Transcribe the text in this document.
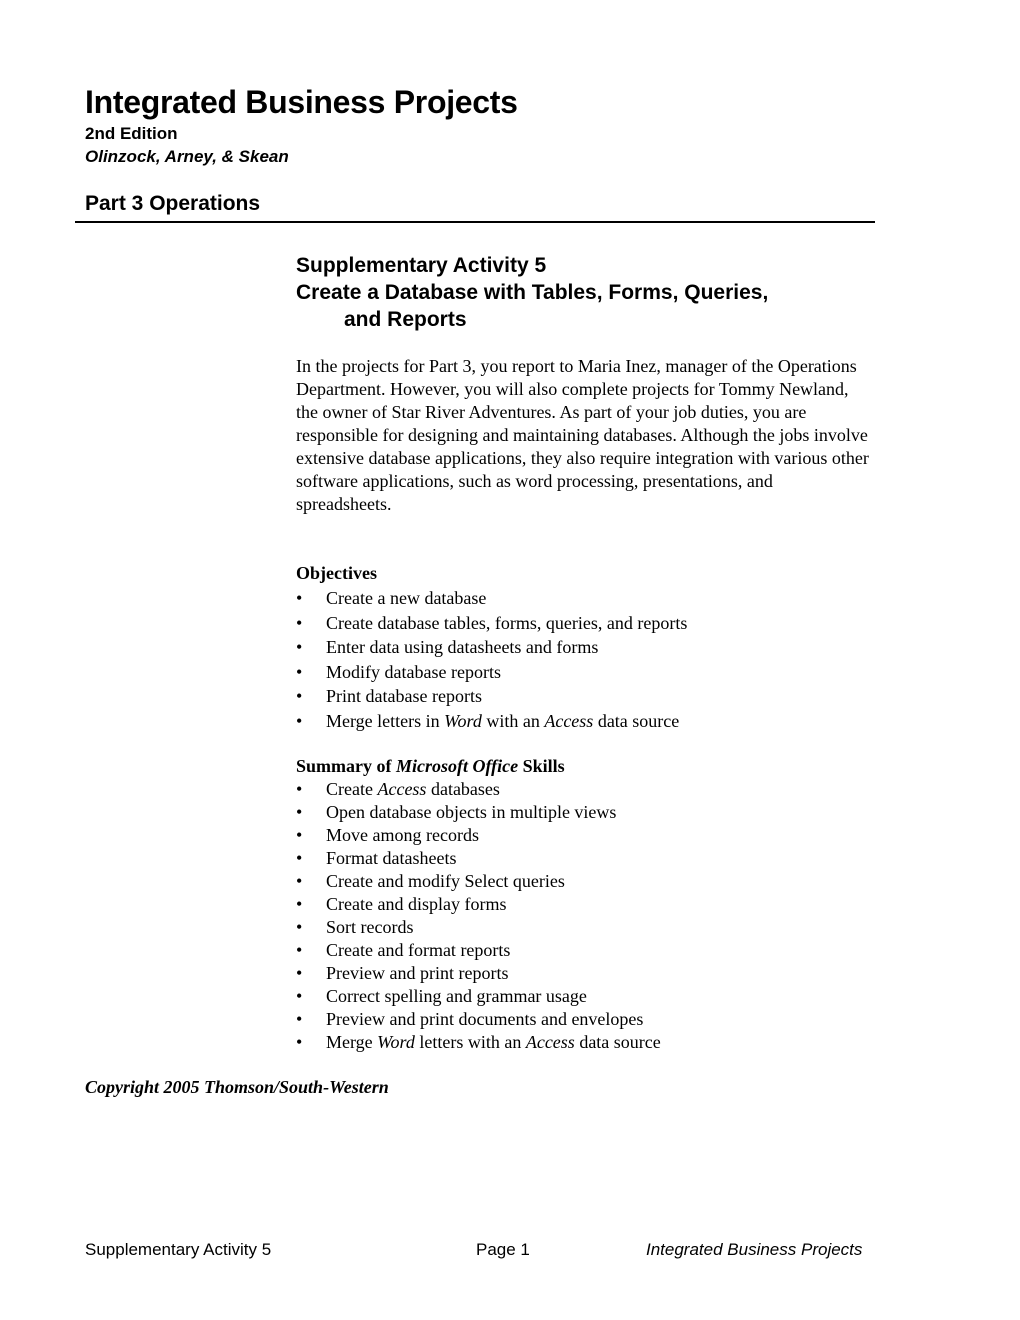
Integrated Business Projects
2nd Edition
Olinzock, Arney, & Skean
Part 3 Operations
Supplementary Activity 5
Create a Database with Tables, Forms, Queries,
and Reports

In the projects for Part 3, you report to Maria Inez, manager of the Operations Department. However, you will also complete projects for Tommy Newland, the owner of Star River Adventures. As part of your job duties, you are responsible for designing and maintaining databases. Although the jobs involve extensive database applications, they also require integration with various other software applications, such as word processing, presentations, and spreadsheets.

Objectives
• Create a new database
• Create database tables, forms, queries, and reports
• Enter data using datasheets and forms
• Modify database reports
• Print database reports
• Merge letters in Word with an Access data source
Summary of Microsoft Office Skills
• Create Access databases
• Open database objects in multiple views
• Move among records
• Format datasheets
• Create and modify Select queries
• Create and display forms
• Sort records
• Create and format reports
• Preview and print reports
• Correct spelling and grammar usage
• Preview and print documents and envelopes
• Merge Word letters with an Access data source
Copyright 2005 Thomson/South-Western
Supplementary Activity 5	Page 1	Integrated Business Projects
